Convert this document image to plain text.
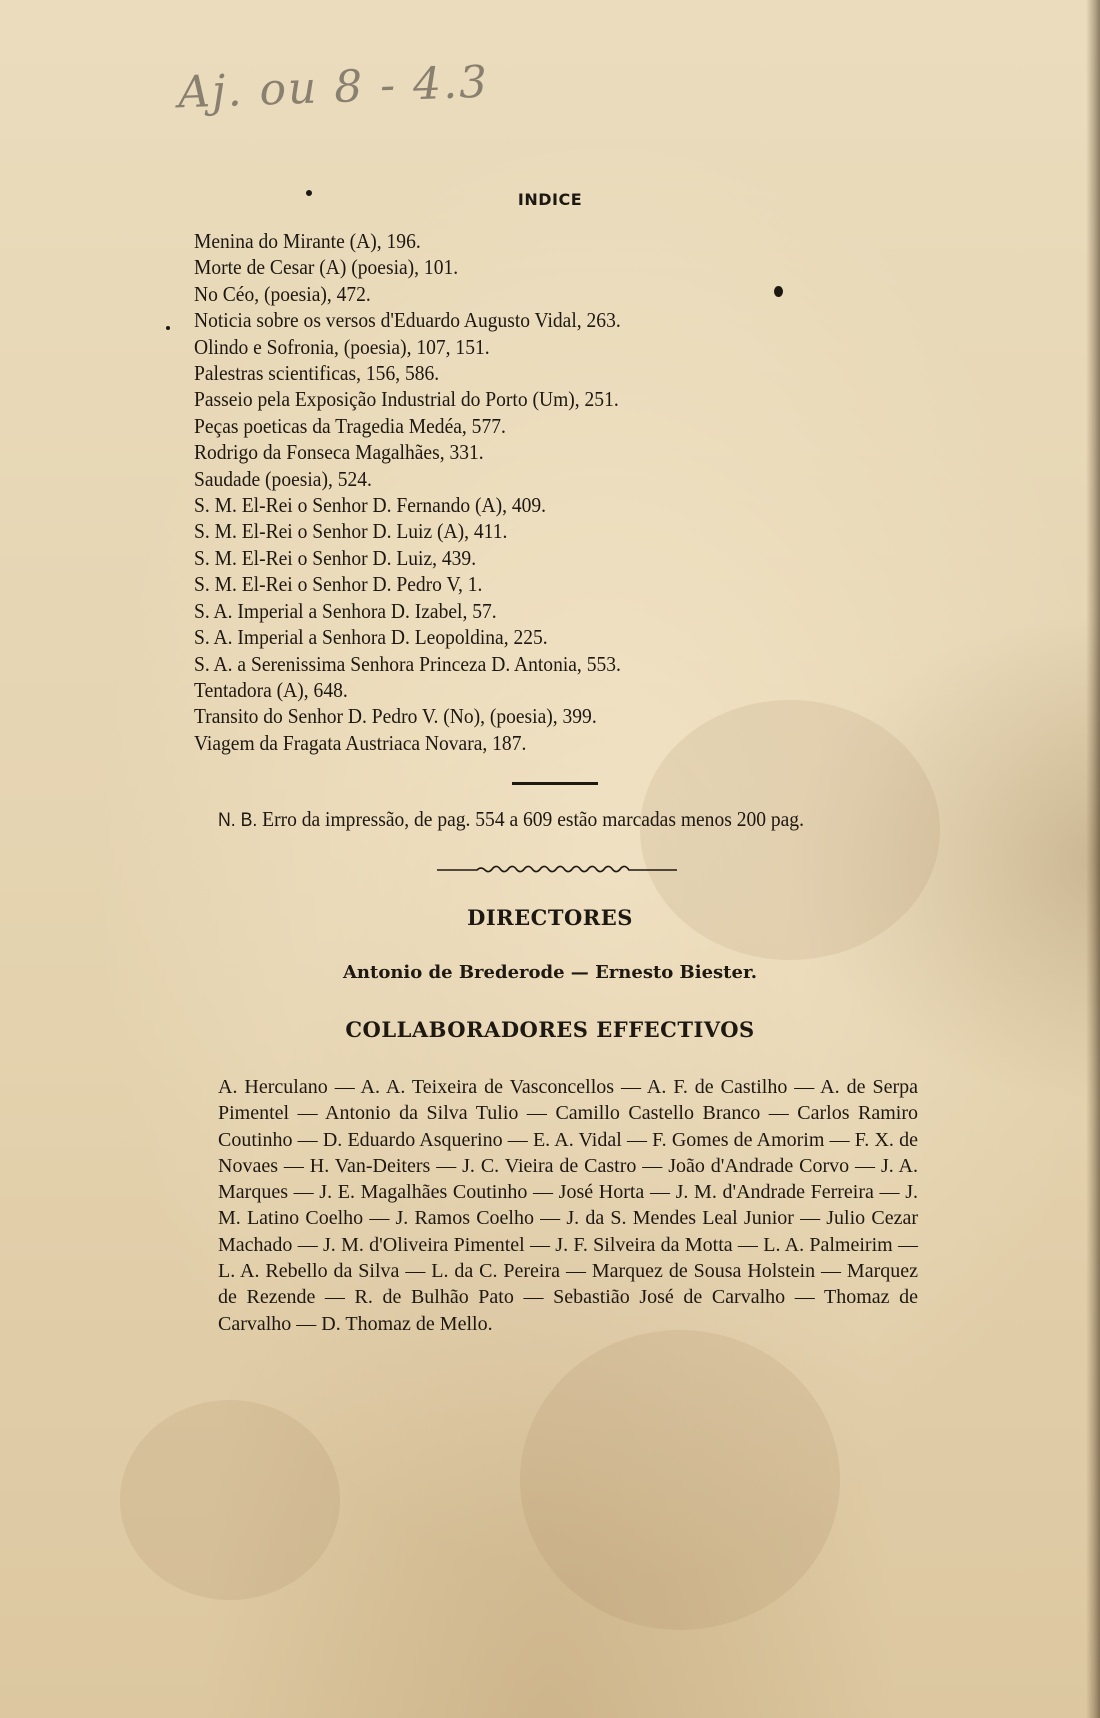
Aj. ou 8 - 4.3
INDICE
Menina do Mirante (A), 196.
Morte de Cesar (A) (poesia), 101.
No Céo, (poesia), 472.
Noticia sobre os versos d'Eduardo Augusto Vidal, 263.
Olindo e Sofronia, (poesia), 107, 151.
Palestras scientificas, 156, 586.
Passeio pela Exposição Industrial do Porto (Um), 251.
Peças poeticas da Tragedia Medéa, 577.
Rodrigo da Fonseca Magalhães, 331.
Saudade (poesia), 524.
S. M. El-Rei o Senhor D. Fernando (A), 409.
S. M. El-Rei o Senhor D. Luiz (A), 411.
S. M. El-Rei o Senhor D. Luiz, 439.
S. M. El-Rei o Senhor D. Pedro V, 1.
S. A. Imperial a Senhora D. Izabel, 57.
S. A. Imperial a Senhora D. Leopoldina, 225.
S. A. a Serenissima Senhora Princeza D. Antonia, 553.
Tentadora (A), 648.
Transito do Senhor D. Pedro V. (No), (poesia), 399.
Viagem da Fragata Austriaca Novara, 187.
N. B. Erro da impressão, de pag. 554 a 609 estão marcadas menos 200 pag.
DIRECTORES
Antonio de Brederode — Ernesto Biester.
COLLABORADORES EFFECTIVOS

A. Herculano — A. A. Teixeira de Vasconcellos — A. F. de Castilho — A. de Serpa Pimentel — Antonio da Silva Tulio — Camillo Castello Branco — Carlos Ramiro Coutinho — D. Eduardo Asquerino — E. A. Vidal — F. Gomes de Amorim — F. X. de Novaes — H. Van-Deiters — J. C. Vieira de Castro — João d'Andrade Corvo — J. A. Marques — J. E. Magalhães Coutinho — José Horta — J. M. d'Andrade Ferreira — J. M. Latino Coelho — J. Ramos Coelho — J. da S. Mendes Leal Junior — Julio Cezar Machado — J. M. d'Oliveira Pimentel — J. F. Silveira da Motta — L. A. Palmeirim — L. A. Rebello da Silva — L. da C. Pereira — Marquez de Sousa Holstein — Marquez de Rezende — R. de Bulhão Pato — Sebastião José de Carvalho — Thomaz de Carvalho — D. Thomaz de Mello.
